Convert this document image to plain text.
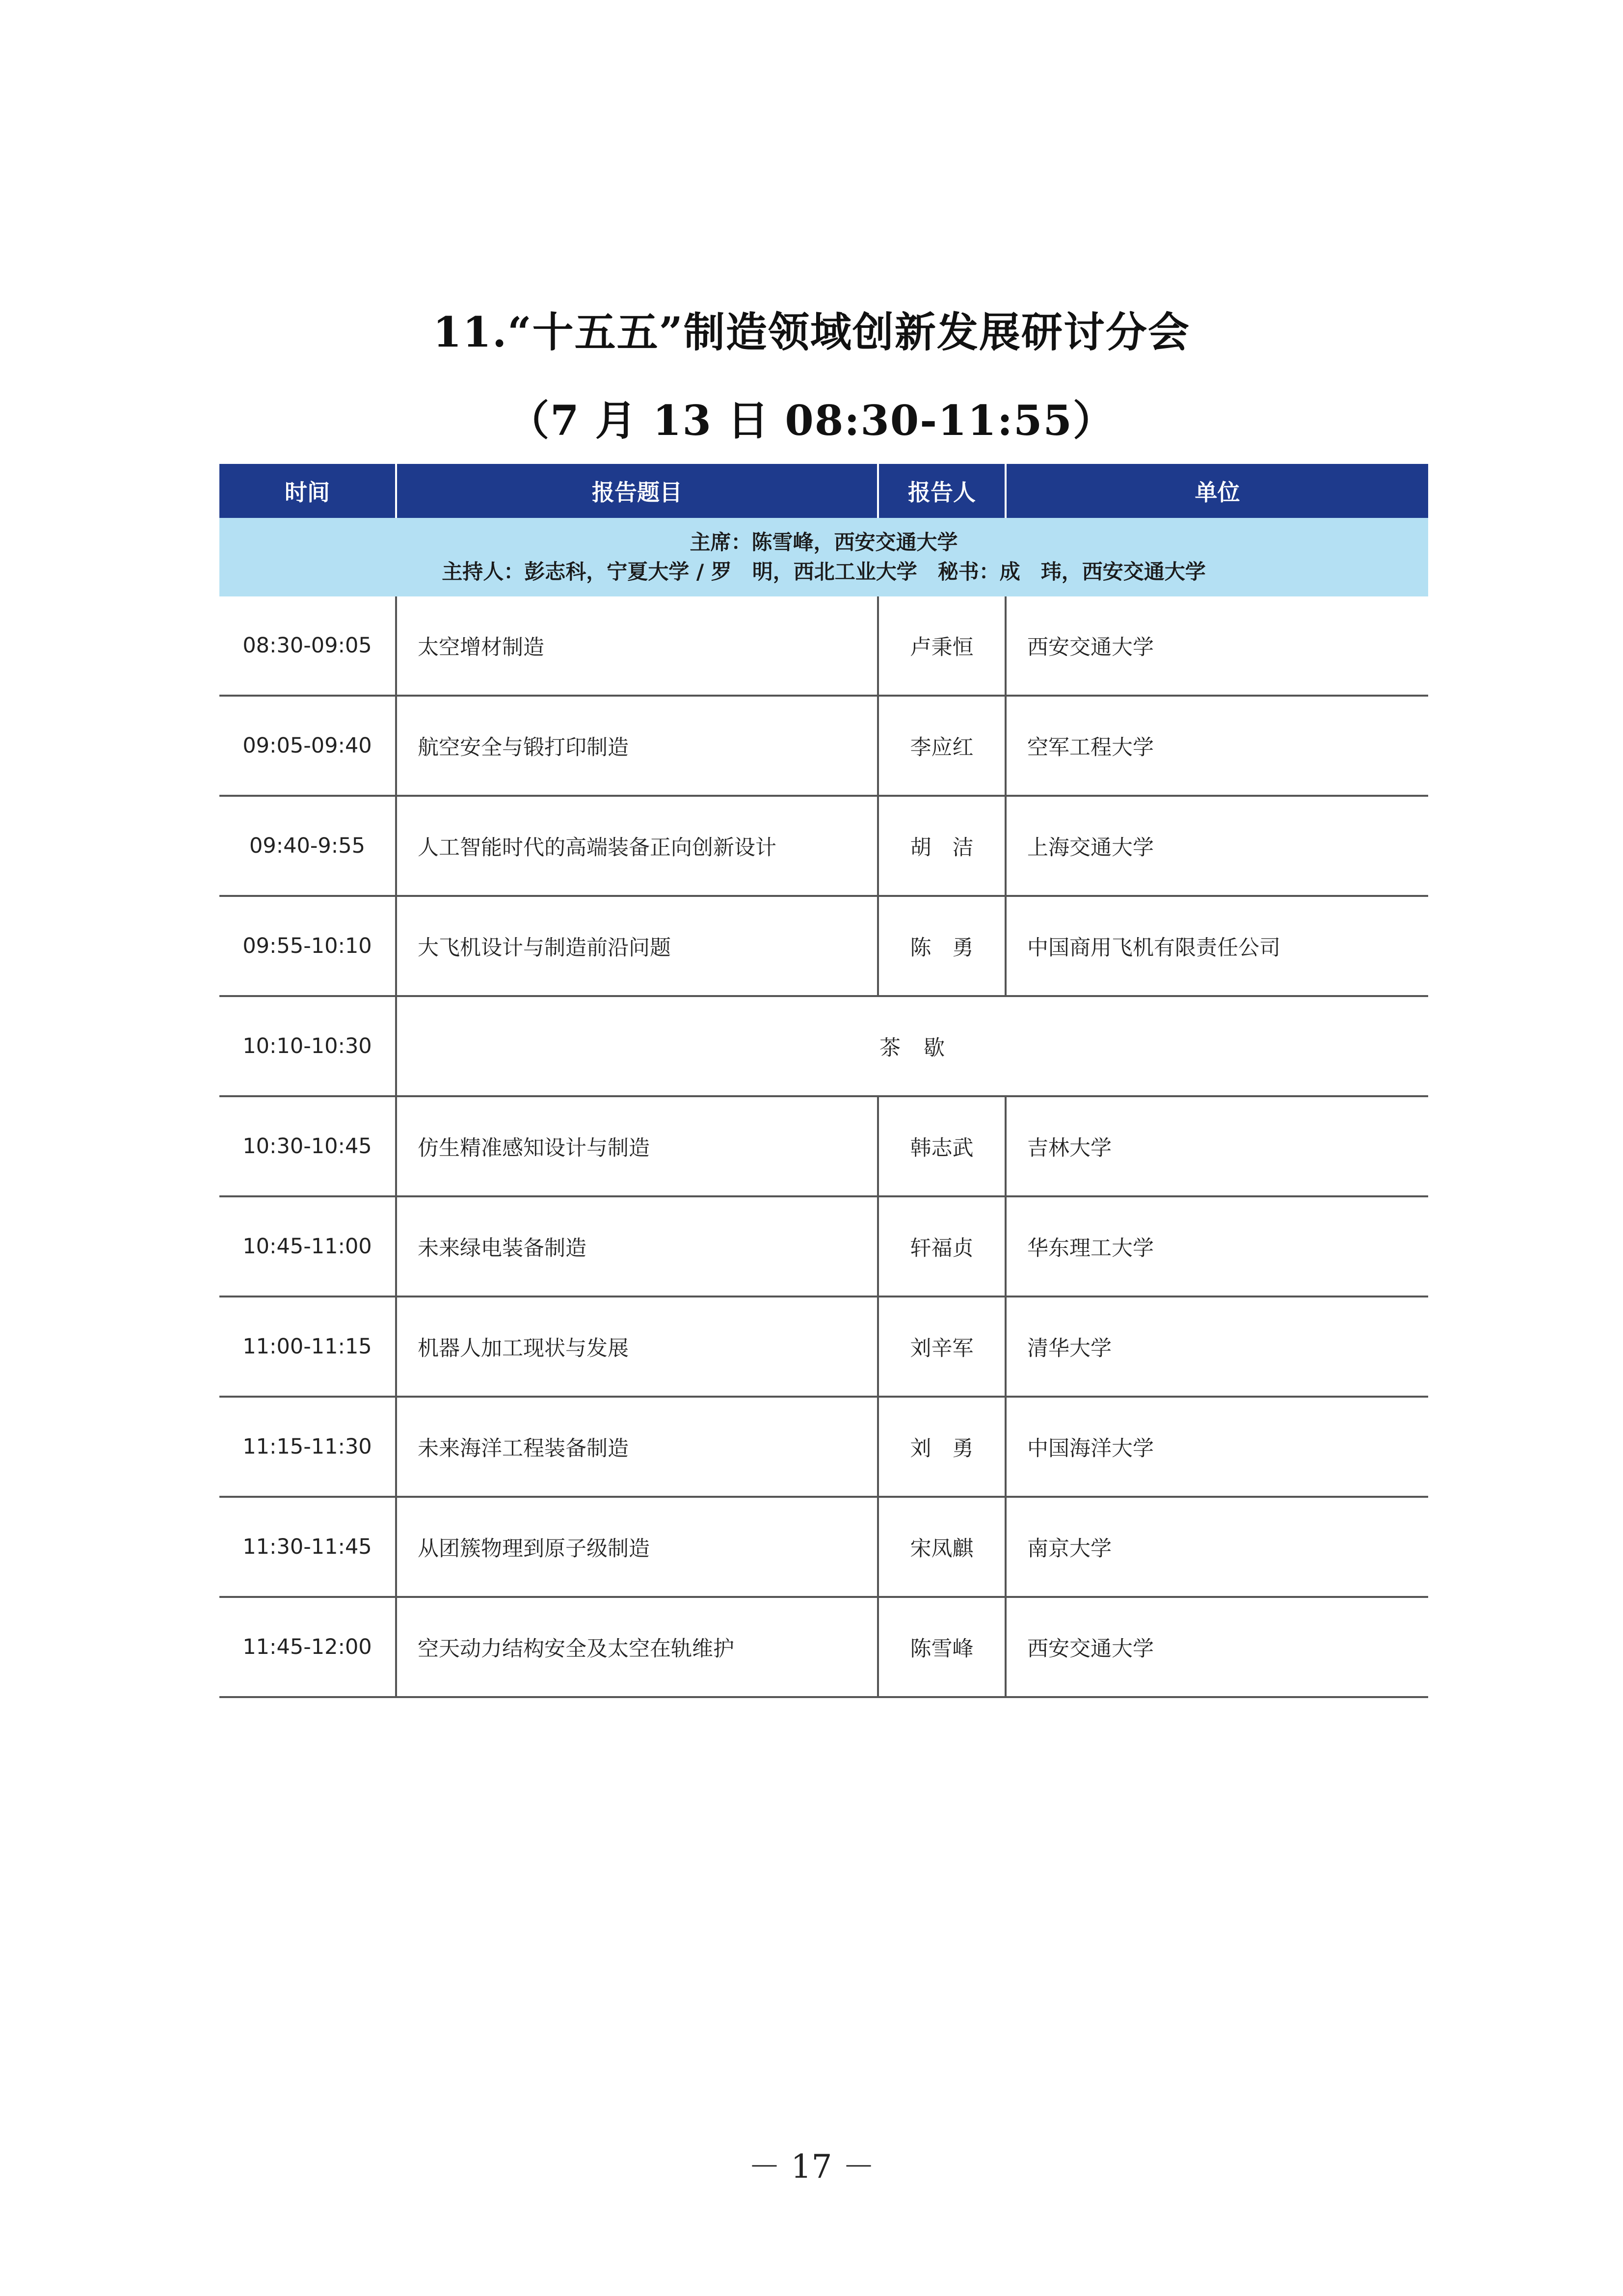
11.“十五五”制造领域创新发展研讨分会
（7 月 13 日 08:30-11:55）
时间	报告题目	报告人	单位

主席：陈雪峰，西安交通大学
主持人：彭志科，宁夏大学 / 罗　明，西北工业大学　秘书：成　玮，西安交通大学			

08:30-09:05	太空增材制造	卢秉恒	西安交通大学
09:05-09:40	航空安全与锻打印制造	李应红	空军工程大学
09:40-9:55	人工智能时代的高端装备正向创新设计	胡　洁	上海交通大学
09:55-10:10	大飞机设计与制造前沿问题	陈　勇	中国商用飞机有限责任公司
10:10-10:30	茶　歇		
10:30-10:45	仿生精准感知设计与制造	韩志武	吉林大学
10:45-11:00	未来绿电装备制造	轩福贞	华东理工大学
11:00-11:15	机器人加工现状与发展	刘辛军	清华大学
11:15-11:30	未来海洋工程装备制造	刘　勇	中国海洋大学
11:30-11:45	从团簇物理到原子级制造	宋凤麒	南京大学
11:45-12:00	空天动力结构安全及太空在轨维护	陈雪峰	西安交通大学
－ 17 －
